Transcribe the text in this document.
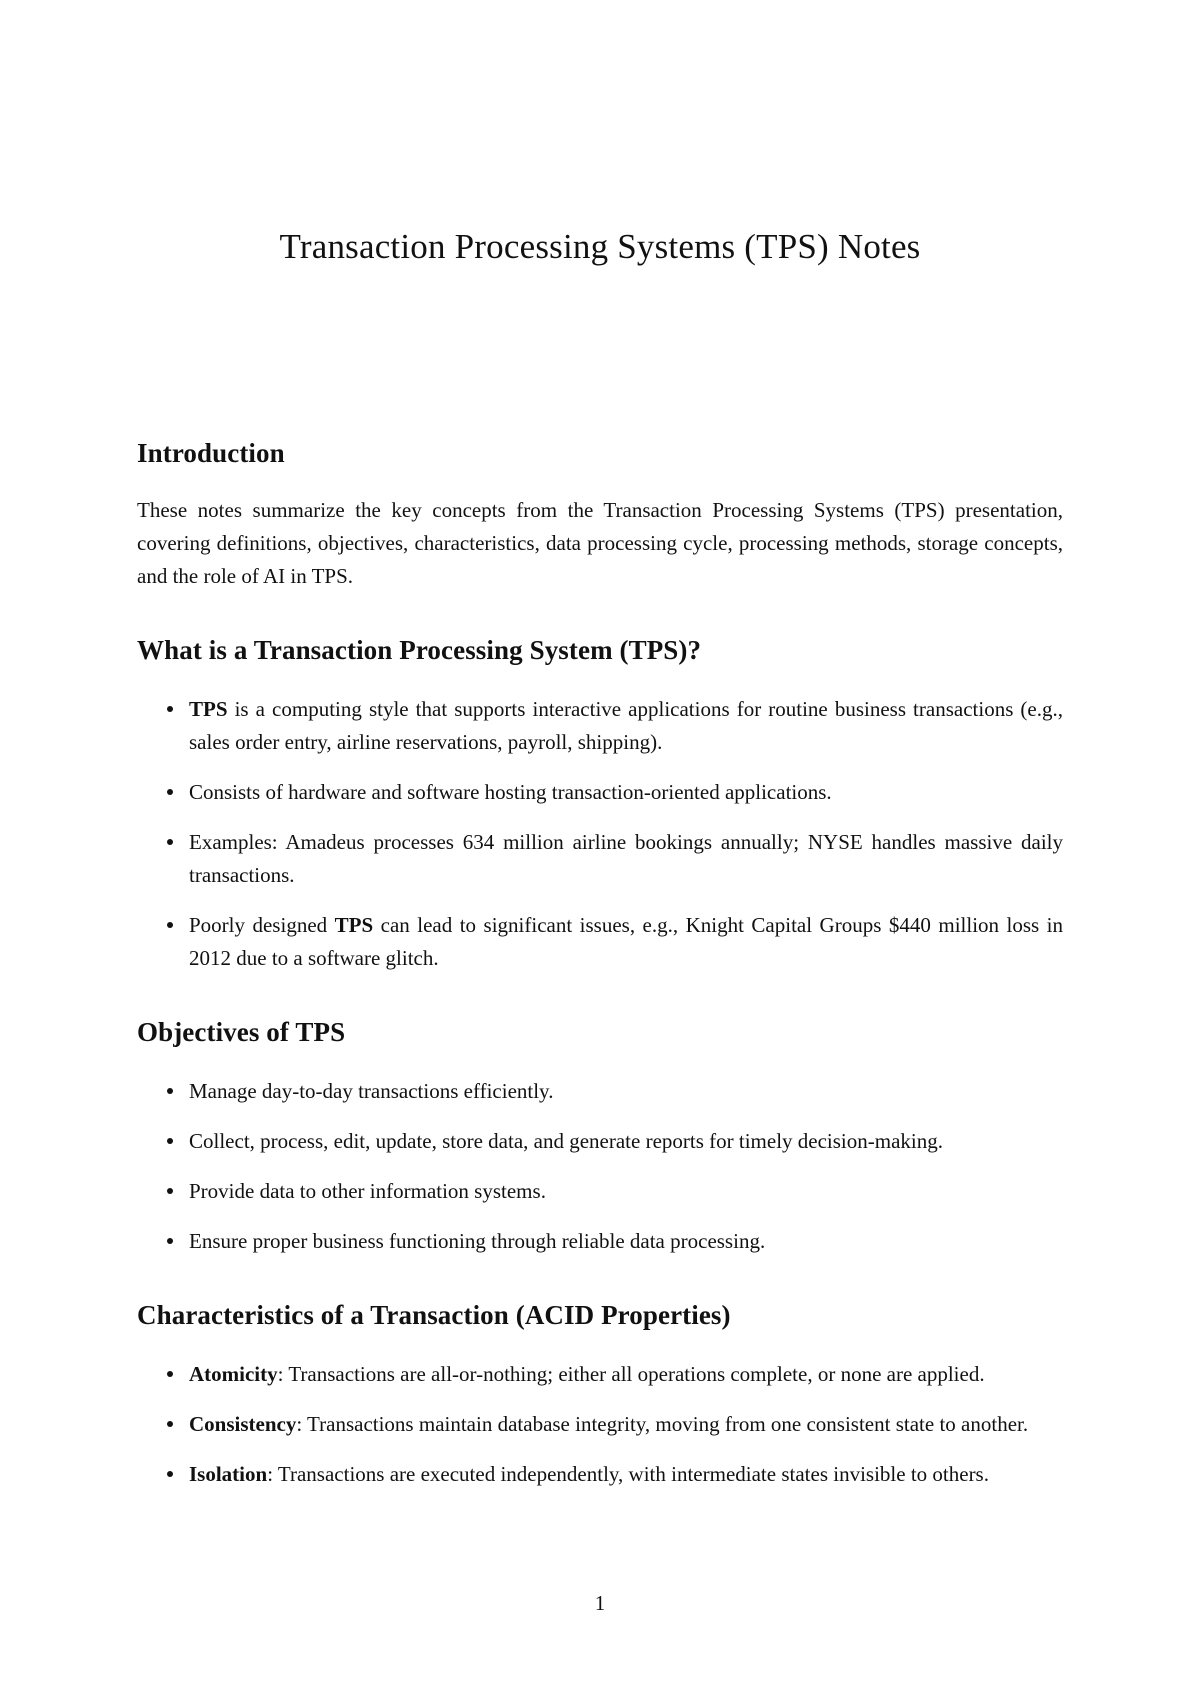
Transaction Processing Systems (TPS) Notes
Introduction

These notes summarize the key concepts from the Transaction Processing Systems (TPS) presentation, covering definitions, objectives, characteristics, data processing cycle, processing methods, storage concepts, and the role of AI in TPS.

What is a Transaction Processing System (TPS)?
TPS is a computing style that supports interactive applications for routine business transactions (e.g., sales order entry, airline reservations, payroll, shipping).
Consists of hardware and software hosting transaction-oriented applications.
Examples: Amadeus processes 634 million airline bookings annually; NYSE handles massive daily transactions.
Poorly designed TPS can lead to significant issues, e.g., Knight Capital Groups $440 million loss in 2012 due to a software glitch.
Objectives of TPS
Manage day-to-day transactions efficiently.
Collect, process, edit, update, store data, and generate reports for timely decision-making.
Provide data to other information systems.
Ensure proper business functioning through reliable data processing.
Characteristics of a Transaction (ACID Properties)
Atomicity: Transactions are all-or-nothing; either all operations complete, or none are applied.
Consistency: Transactions maintain database integrity, moving from one consistent state to another.
Isolation: Transactions are executed independently, with intermediate states invisible to others.
1
